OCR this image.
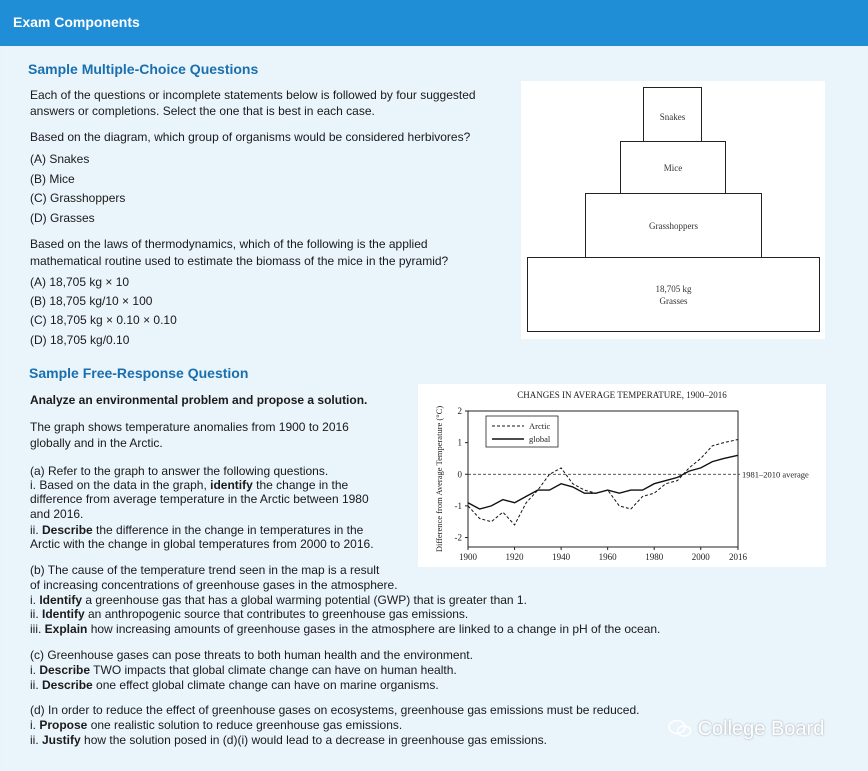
Exam Components
Sample Multiple-Choice Questions
Each of the questions or incomplete statements below is followed by four suggested
answers or completions. Select the one that is best in each case.
Based on the diagram, which group of organisms would be considered herbivores?
(A) Snakes
(B) Mice
(C) Grasshoppers
(D) Grasses
Based on the laws of thermodynamics, which of the following is the applied
mathematical routine used to estimate the biomass of the mice in the pyramid?
(A) 18,705 kg × 10
(B) 18,705 kg/10 × 100
(C) 18,705 kg × 0.10 × 0.10
(D) 18,705 kg/0.10
Snakes
Mice
Grasshoppers
18,705 kg
Grasses
Sample Free-Response Question
Analyze an environmental problem and propose a solution.
The graph shows temperature anomalies from 1900 to 2016
globally and in the Arctic.
(a) Refer to the graph to answer the following questions.
i. Based on the data in the graph, identify the change in the
difference from average temperature in the Arctic between 1980
and 2016.
ii. Describe the difference in the change in temperatures in the
Arctic with the change in global temperatures from 2000 to 2016.
(b) The cause of the temperature trend seen in the map is a result
of increasing concentrations of greenhouse gases in the atmosphere.
i. Identify a greenhouse gas that has a global warming potential (GWP) that is greater than 1.
ii. Identify an anthropogenic source that contributes to greenhouse gas emissions.
iii. Explain how increasing amounts of greenhouse gases in the atmosphere are linked to a change in pH of the ocean.
(c) Greenhouse gases can pose threats to both human health and the environment.
i. Describe TWO impacts that global climate change can have on human health.
ii. Describe one effect global climate change can have on marine organisms.
(d) In order to reduce the effect of greenhouse gases on ecosystems, greenhouse gas emissions must be reduced.
i. Propose one realistic solution to reduce greenhouse gas emissions.
ii. Justify how the solution posed in (d)(i) would lead to a decrease in greenhouse gas emissions.
CHANGES IN AVERAGE TEMPERATURE, 1900–2016
2
1
0
-1
-2
1900	1920	1940	1960	1980	2000 2016
Difference from Average Temperature (°C)	1981–2010 average
Arctic
global
College Board
